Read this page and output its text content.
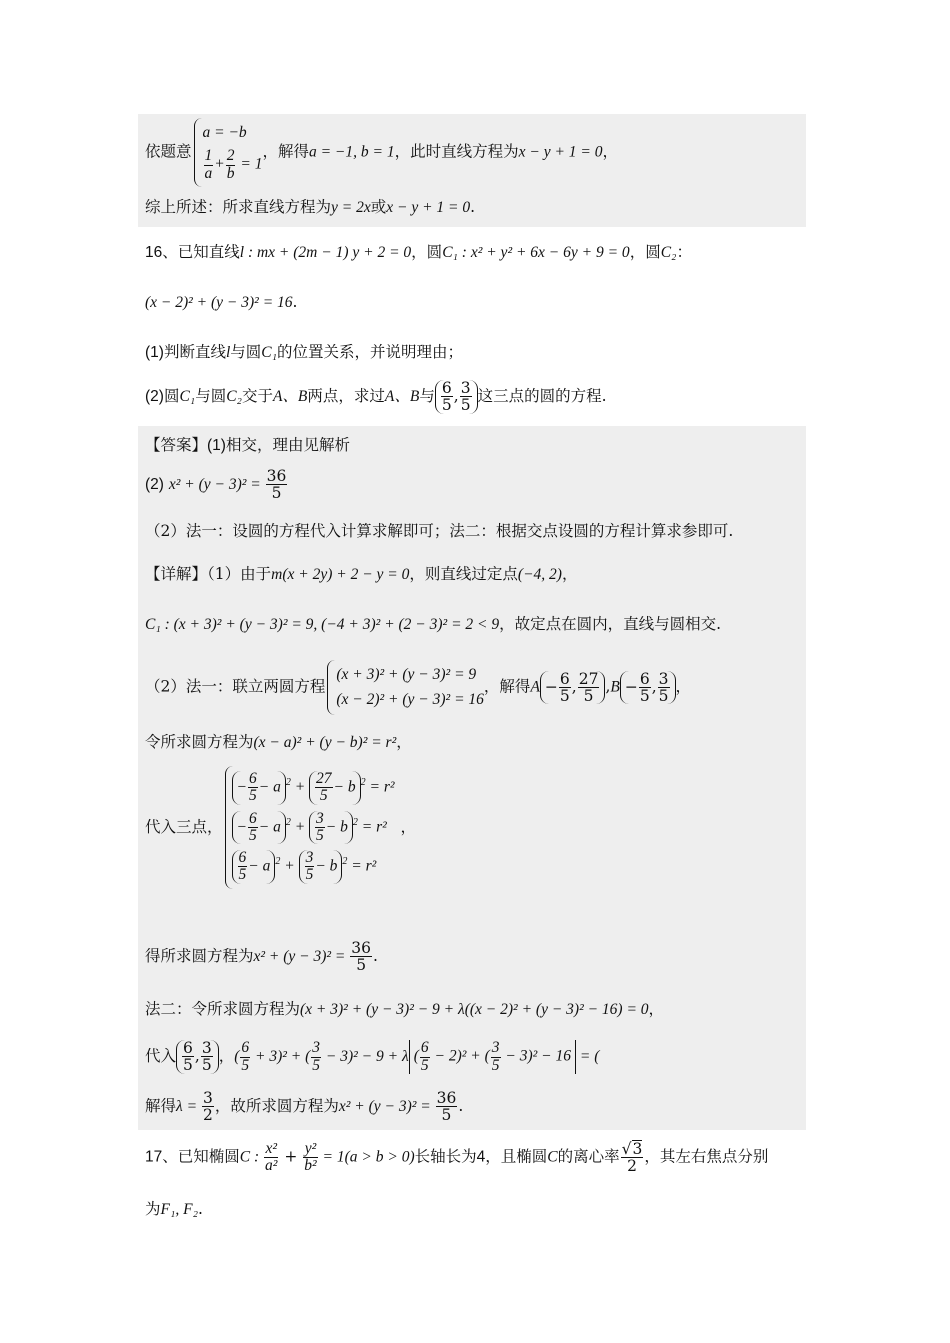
依题意
a = −b
$\frac{1}{a} + \frac{2}{b} = 1$
，解得a = −1, b = 1，此时直线方程为x − y + 1 = 0，
综上所述：所求直线方程为y = 2x或x − y + 1 = 0.
16、已知直线l : mx + (2m − 1) y + 2 = 0，圆C₁ : x² + y² + 6x − 6y + 9 = 0，圆C₂：
(x − 2)² + (y − 3)² = 16.
(1)判断直线l与圆C₁的位置关系，并说明理由；
(2)圆C₁与圆C₂交于A、B两点，求过A、B与 $\frac{6}{5}$ , $\frac{3}{5}$ 这三点的圆的方程.
【答案】(1)相交，理由见解析
(2) $x^2 + (y - 3)^2 = \frac{36}{5}$
（2）法一：设圆的方程代入计算求解即可；法二：根据交点设圆的方程计算求参即可.
【详解】（1）由于m(x + 2y) + 2 − y = 0，则直线过定点(−4, 2)，
C₁ : (x + 3)² + (y − 3)² = 9, (−4 + 3)² + (2 − 3)² = 2 < 9，故定点在圆内，直线与圆相交.
（2）法一：联立两圆方程
(x + 3)² + (y − 3)² = 9
(x − 2)² + (y − 3)² = 16
，解得$A - \frac{6}{5}$ , $\frac{27}{5} ,B - \frac{6}{5}$ , $\frac{3}{5}$ ，
令所求圆方程为(x − a)² + (y − b)² = r²，
代入三点，
− $\frac{6}{5} - a$ $^2 + \frac{27}{5} - b$ $^2$ = r²
− $\frac{6}{5} - a$ $^2 + \frac{3}{5} - b$ $^2$ = r²
$\frac{6}{5} - a$ $^2 + \frac{3}{5} - b$ $^2$ = r²
，
得所求圆方程为$x^2 + (y - 3)^2 = \frac{36}{5}$ .
法二：令所求圆方程为(x + 3)² + (y − 3)² − 9 + λ((x − 2)² + (y − 3)² − 16) = 0，
代入 $\frac{6}{5}$ , $\frac{3}{5}$ ，( $\frac{6}{5} + 3)^2$ + ( $\frac{3}{5} - 3)^2 - 9 + \lambda$ ( $\frac{6}{5} - 2)^2$ + ( $\frac{3}{5} - 3)^2 - 16$ = (
解得$\lambda = \frac{3}{2}$ ，故所求圆方程为$x^2 + (y - 3)^2 = \frac{36}{5}$ .
17、已知椭圆C : $\frac{\text{x²}}{\text{a²}} + \frac{\text{y²}}{\text{b²}} = 1(a > b > 0)$长轴长为4，且椭圆C的离心率 $\frac{√3}{2}$ ，其左右焦点分别
为F₁, F₂.
